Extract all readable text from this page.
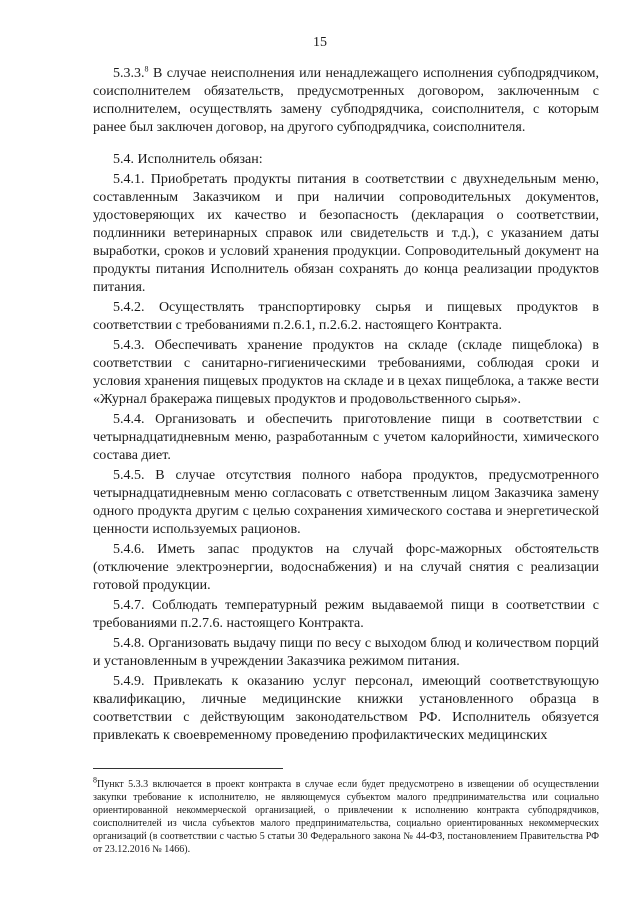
15

5.3.3.$^8$ В случае неисполнения или ненадлежащего исполнения субподрядчиком, соисполнителем обязательств, предусмотренных договором, заключенным с исполнителем, осуществлять замену субподрядчика, соисполнителя, с которым ранее был заключен договор, на другого субподрядчика, соисполнителя.

5.4. Исполнитель обязан:

5.4.1. Приобретать продукты питания в соответствии с двухнедельным меню, составленным Заказчиком и при наличии сопроводительных документов, удостоверяющих их качество и безопасность (декларация о соответствии, подлинники ветеринарных справок или свидетельств и т.д.), с указанием даты выработки, сроков и условий хранения продукции. Сопроводительный документ на продукты питания Исполнитель обязан сохранять до конца реализации продуктов питания.

5.4.2. Осуществлять транспортировку сырья и пищевых продуктов в соответствии с требованиями п.2.6.1, п.2.6.2. настоящего Контракта.

5.4.3. Обеспечивать хранение продуктов на складе (складе пищеблока) в соответствии с санитарно-гигиеническими требованиями, соблюдая сроки и условия хранения пищевых продуктов на складе и в цехах пищеблока, а также вести «Журнал бракеража пищевых продуктов и продовольственного сырья».

5.4.4. Организовать и обеспечить приготовление пищи в соответствии с четырнадцатидневным меню, разработанным с учетом калорийности, химического состава диет.

5.4.5. В случае отсутствия полного набора продуктов, предусмотренного четырнадцатидневным меню согласовать с ответственным лицом Заказчика замену одного продукта другим с целью сохранения химического состава и энергетической ценности используемых рационов.

5.4.6. Иметь запас продуктов на случай форс-мажорных обстоятельств (отключение электроэнергии, водоснабжения) и на случай снятия с реализации готовой продукции.

5.4.7. Соблюдать температурный режим выдаваемой пищи в соответствии с требованиями п.2.7.6. настоящего Контракта.

5.4.8. Организовать выдачу пищи по весу с выходом блюд и количеством порций и установленным в учреждении Заказчика режимом питания.

5.4.9. Привлекать к оказанию услуг персонал, имеющий соответствующую квалификацию, личные медицинские книжки установленного образца в соответствии с действующим законодательством РФ. Исполнитель обязуется привлекать к своевременному проведению профилактических медицинских

$^8$Пункт 5.3.3 включается в проект контракта в случае если будет предусмотрено в извещении об осуществлении закупки требование к исполнителю, не являющемуся субъектом малого предпринимательства или социально ориентированной некоммерческой организацией, о привлечении к исполнению контракта субподрядчиков, соисполнителей из числа субъектов малого предпринимательства, социально ориентированных некоммерческих организаций (в соответствии с частью 5 статьи 30 Федерального закона № 44-ФЗ, постановлением Правительства РФ от 23.12.2016 № 1466).
